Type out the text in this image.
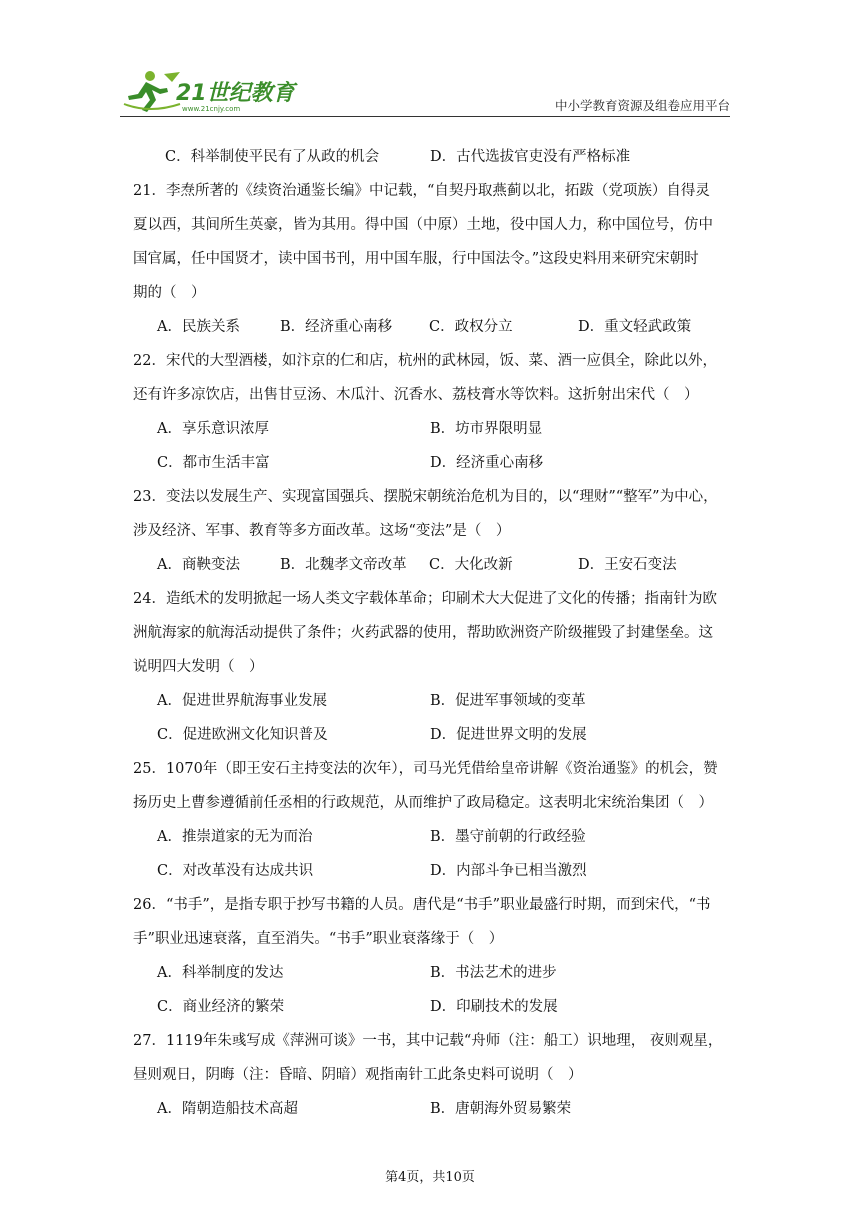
21世纪教育
www.21cnjy.com	中小学教育资源及组卷应用平台
C．科举制使平民有了从政的机会	D．古代选拔官吏没有严格标准
21．李焘所著的《续资治通鉴长编》中记载，“自契丹取燕蓟以北，拓跋（党项族）自得灵
夏以西，其间所生英豪，皆为其用。得中国（中原）土地，役中国人力，称中国位号，仿中
国官属，任中国贤才，读中国书刊，用中国车服，行中国法令。”这段史料用来研究宋朝时
期的（　）
A．民族关系	B．经济重心南移	C．政权分立	D．重文轻武政策
22．宋代的大型酒楼，如汴京的仁和店，杭州的武林园，饭、菜、酒一应俱全，除此以外，
还有许多凉饮店，出售甘豆汤、木瓜汁、沉香水、荔枝膏水等饮料。这折射出宋代（　）
A．享乐意识浓厚	B．坊市界限明显
C．都市生活丰富	D．经济重心南移
23．变法以发展生产、实现富国强兵、摆脱宋朝统治危机为目的，以“理财”“整军”为中心，
涉及经济、军事、教育等多方面改革。这场“变法”是（　）
A．商鞅变法	B．北魏孝文帝改革 C．大化改新	D．王安石变法
24．造纸术的发明掀起一场人类文字载体革命；印刷术大大促进了文化的传播；指南针为欧
洲航海家的航海活动提供了条件；火药武器的使用，帮助欧洲资产阶级摧毁了封建堡垒。这
说明四大发明（　）
A．促进世界航海事业发展	B．促进军事领域的变革
C．促进欧洲文化知识普及	D．促进世界文明的发展
25．1070年（即王安石主持变法的次年），司马光凭借给皇帝讲解《资治通鉴》的机会，赞
扬历史上曹参遵循前任丞相的行政规范，从而维护了政局稳定。这表明北宋统治集团（　）
A．推崇道家的无为而治	B．墨守前朝的行政经验
C．对改革没有达成共识	D．内部斗争已相当激烈
26．“书手”，是指专职于抄写书籍的人员。唐代是“书手”职业最盛行时期，而到宋代，“书
手”职业迅速衰落，直至消失。“书手”职业衰落缘于（　）
A．科举制度的发达	B．书法艺术的进步
C．商业经济的繁荣	D．印刷技术的发展
27．1119年朱彧写成《萍洲可谈》一书，其中记载“舟师（注：船工）识地理， 夜则观星，
昼则观日，阴晦（注：昏暗、阴暗）观指南针工此条史料可说明（　）
A．隋朝造船技术高超	B．唐朝海外贸易繁荣
第4页，共10页
